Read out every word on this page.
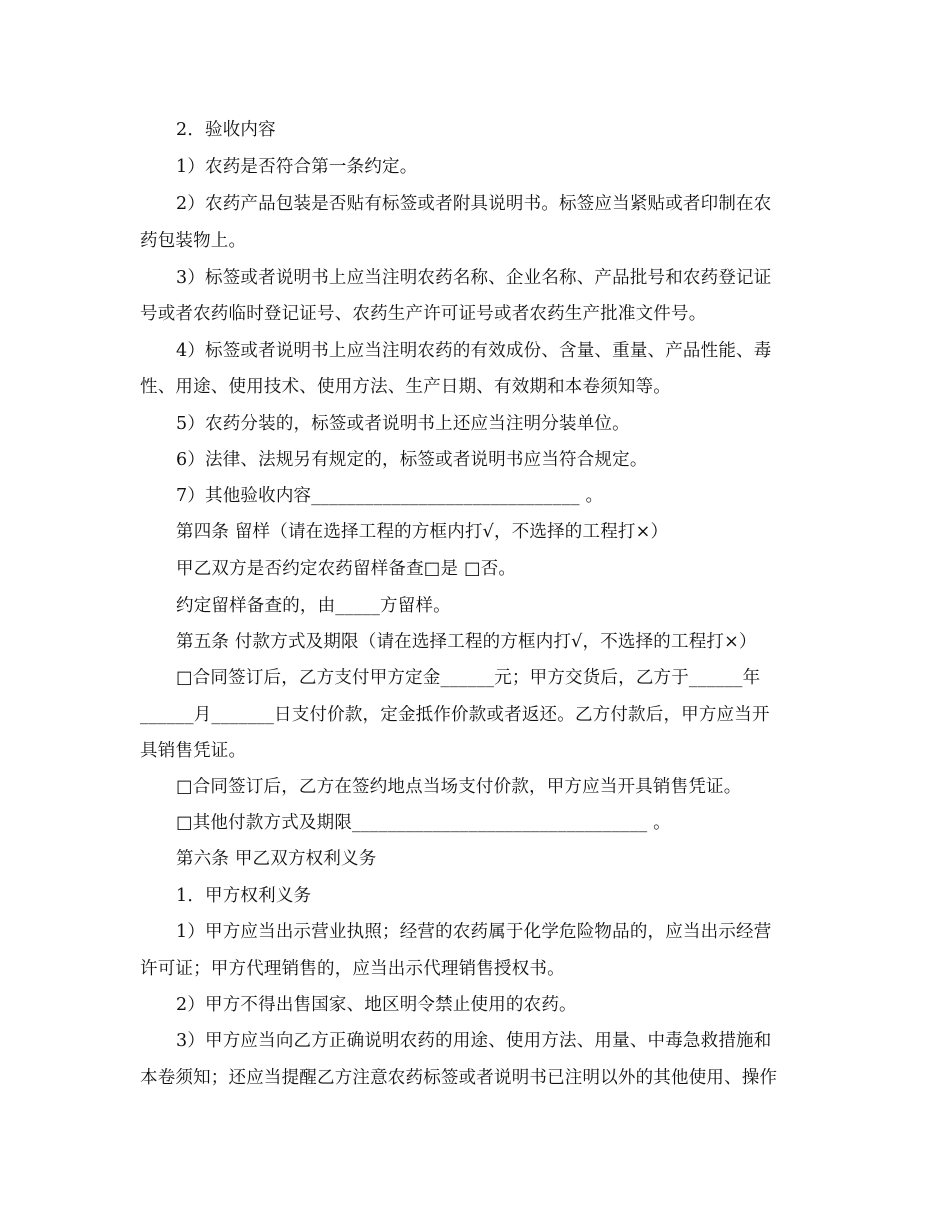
2．验收内容
1）农药是否符合第一条约定。
2）农药产品包装是否贴有标签或者附具说明书。标签应当紧贴或者印制在农
药包装物上。
3）标签或者说明书上应当注明农药名称、企业名称、产品批号和农药登记证
号或者农药临时登记证号、农药生产许可证号或者农药生产批准文件号。
4）标签或者说明书上应当注明农药的有效成份、含量、重量、产品性能、毒
性、用途、使用技术、使用方法、生产日期、有效期和本卷须知等。
5）农药分装的，标签或者说明书上还应当注明分装单位。
6）法律、法规另有规定的，标签或者说明书应当符合规定。
7）其他验收内容______________________________ 。
第四条 留样（请在选择工程的方框内打√，不选择的工程打×）
甲乙双方是否约定农药留样备查□是 □否。
约定留样备查的，由_____方留样。
第五条 付款方式及期限（请在选择工程的方框内打√，不选择的工程打×）
□合同签订后，乙方支付甲方定金______元；甲方交货后，乙方于______年
______月_______日支付价款，定金抵作价款或者返还。乙方付款后，甲方应当开
具销售凭证。
□合同签订后，乙方在签约地点当场支付价款，甲方应当开具销售凭证。
□其他付款方式及期限_________________________________ 。
第六条 甲乙双方权利义务
1．甲方权利义务
1）甲方应当出示营业执照；经营的农药属于化学危险物品的，应当出示经营
许可证；甲方代理销售的，应当出示代理销售授权书。
2）甲方不得出售国家、地区明令禁止使用的农药。
3）甲方应当向乙方正确说明农药的用途、使用方法、用量、中毒急救措施和
本卷须知；还应当提醒乙方注意农药标签或者说明书已注明以外的其他使用、操作
